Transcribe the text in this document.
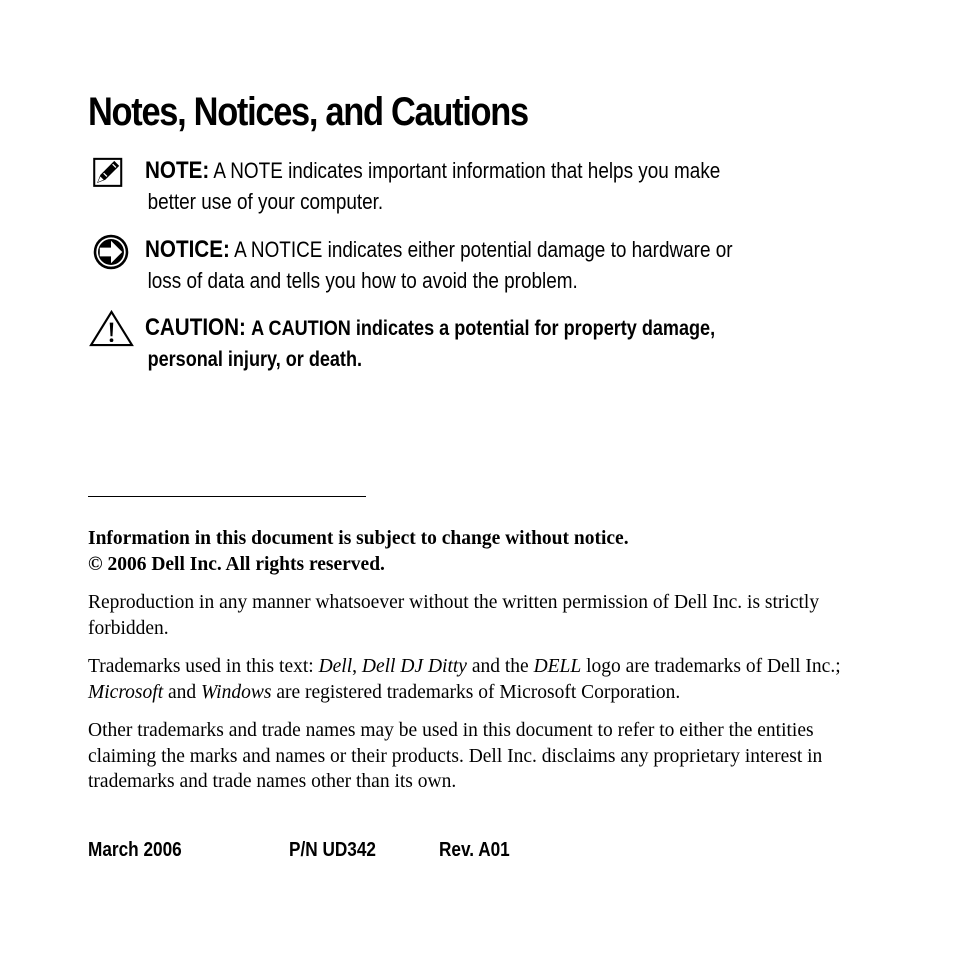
Notes, Notices, and Cautions
NOTE: A NOTE indicates important information that helps you make
better use of your computer.
NOTICE: A NOTICE indicates either potential damage to hardware or
loss of data and tells you how to avoid the problem.
CAUTION: A CAUTION indicates a potential for property damage,
personal injury, or death.

Information in this document is subject to change without notice.
© 2006 Dell Inc. All rights reserved.

Reproduction in any manner whatsoever without the written permission of Dell Inc. is strictly forbidden.

Trademarks used in this text: Dell, Dell DJ Ditty and the DELL logo are trademarks of Dell Inc.; Microsoft and Windows are registered trademarks of Microsoft Corporation.

Other trademarks and trade names may be used in this document to refer to either the entities claiming the marks and names or their products. Dell Inc. disclaims any proprietary interest in trademarks and trade names other than its own.

March 2006	P/N UD342	Rev. A01
